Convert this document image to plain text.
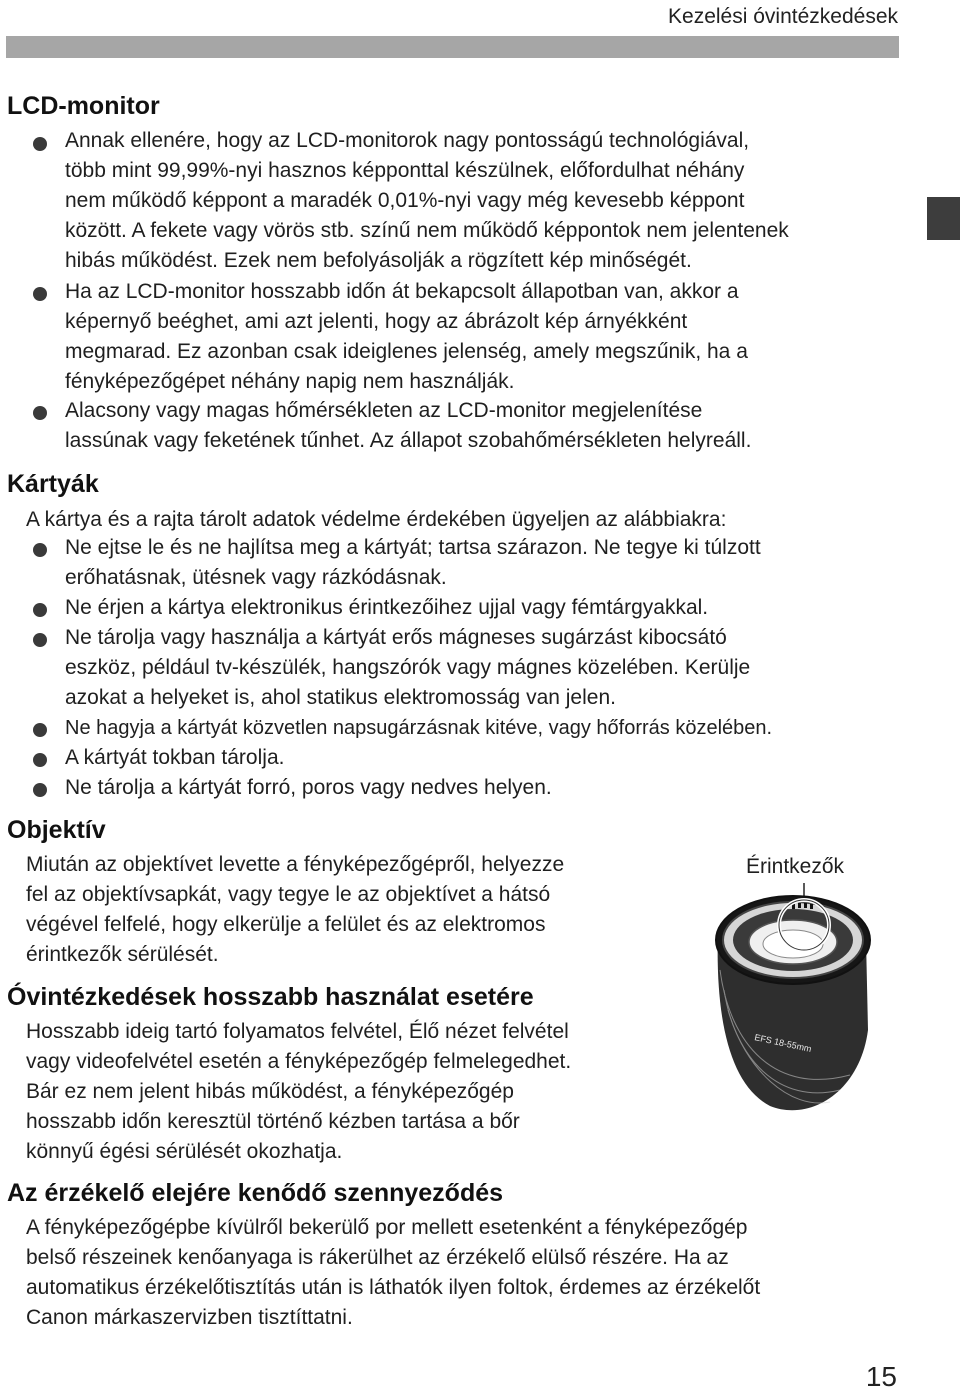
Kezelési óvintézkedések
LCD-monitor
Annak ellenére, hogy az LCD-monitorok nagy pontosságú technológiával,
több mint 99,99%-nyi hasznos képponttal készülnek, előfordulhat néhány
nem működő képpont a maradék 0,01%-nyi vagy még kevesebb képpont
között. A fekete vagy vörös stb. színű nem működő képpontok nem jelentenek
hibás működést. Ezek nem befolyásolják a rögzített kép minőségét.
Ha az LCD-monitor hosszabb időn át bekapcsolt állapotban van, akkor a
képernyő beéghet, ami azt jelenti, hogy az ábrázolt kép árnyékként
megmarad. Ez azonban csak ideiglenes jelenség, amely megszűnik, ha a
fényképezőgépet néhány napig nem használják.
Alacsony vagy magas hőmérsékleten az LCD-monitor megjelenítése
lassúnak vagy feketének tűnhet. Az állapot szobahőmérsékleten helyreáll.
Kártyák
A kártya és a rajta tárolt adatok védelme érdekében ügyeljen az alábbiakra:
Ne ejtse le és ne hajlítsa meg a kártyát; tartsa szárazon. Ne tegye ki túlzott
erőhatásnak, ütésnek vagy rázkódásnak.
Ne érjen a kártya elektronikus érintkezőihez ujjal vagy fémtárgyakkal.
Ne tárolja vagy használja a kártyát erős mágneses sugárzást kibocsátó
eszköz, például tv-készülék, hangszórók vagy mágnes közelében. Kerülje
azokat a helyeket is, ahol statikus elektromosság van jelen.
Ne hagyja a kártyát közvetlen napsugárzásnak kitéve, vagy hőforrás közelében.
A kártyát tokban tárolja.
Ne tárolja a kártyát forró, poros vagy nedves helyen.
Objektív
Miután az objektívet levette a fényképezőgépről, helyezze
fel az objektívsapkát, vagy tegye le az objektívet a hátsó
végével felfelé, hogy elkerülje a felület és az elektromos
érintkezők sérülését.
Érintkezők
EFS 18-55mm
Óvintézkedések hosszabb használat esetére
Hosszabb ideig tartó folyamatos felvétel, Élő nézet felvétel
vagy videofelvétel esetén a fényképezőgép felmelegedhet.
Bár ez nem jelent hibás működést, a fényképezőgép
hosszabb időn keresztül történő kézben tartása a bőr
könnyű égési sérülését okozhatja.
Az érzékelő elejére kenődő szennyeződés
A fényképezőgépbe kívülről bekerülő por mellett esetenként a fényképezőgép
belső részeinek kenőanyaga is rákerülhet az érzékelő elülső részére. Ha az
automatikus érzékelőtisztítás után is láthatók ilyen foltok, érdemes az érzékelőt
Canon márkaszervizben tisztíttatni.
15
